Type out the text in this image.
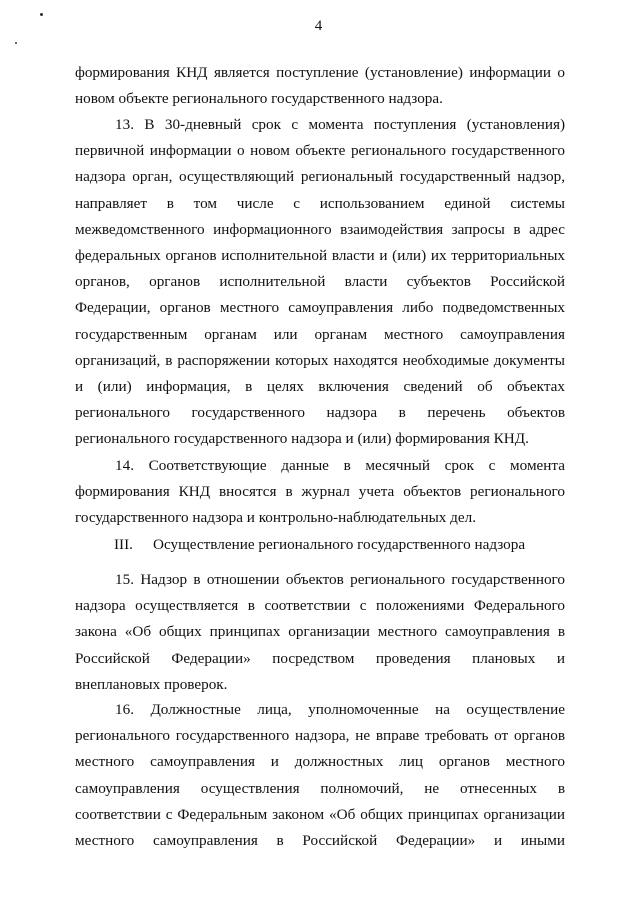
4

формирования КНД является поступление (установление) информации о новом объекте регионального государственного надзора.

13. В 30-дневный срок с момента поступления (установления) первичной информации о новом объекте регионального государственного надзора орган, осуществляющий региональный государственный надзор, направляет в том числе с использованием единой системы межведомственного информационного взаимодействия запросы в адрес федеральных органов исполнительной власти и (или) их территориальных органов, органов исполнительной власти субъектов Российской Федерации, органов местного самоуправления либо подведомственных государственным органам или органам местного самоуправления организаций, в распоряжении которых находятся необходимые документы и (или) информация, в целях включения сведений об объектах регионального государственного надзора в перечень объектов регионального государственного надзора и (или) формирования КНД.

14. Соответствующие данные в месячный срок с момента формирования КНД вносятся в журнал учета объектов регионального государственного надзора и контрольно-наблюдательных дел.

III. Осуществление регионального государственного надзора

15. Надзор в отношении объектов регионального государственного надзора осуществляется в соответствии с положениями Федерального закона «Об общих принципах организации местного самоуправления в Российской Федерации» посредством проведения плановых и внеплановых проверок.

16. Должностные лица, уполномоченные на осуществление регионального государственного надзора, не вправе требовать от органов местного самоуправления и должностных лиц органов местного самоуправления осуществления полномочий, не отнесенных в соответствии с Федеральным законом «Об общих принципах организации местного самоуправления в Российской Федерации» и иными
